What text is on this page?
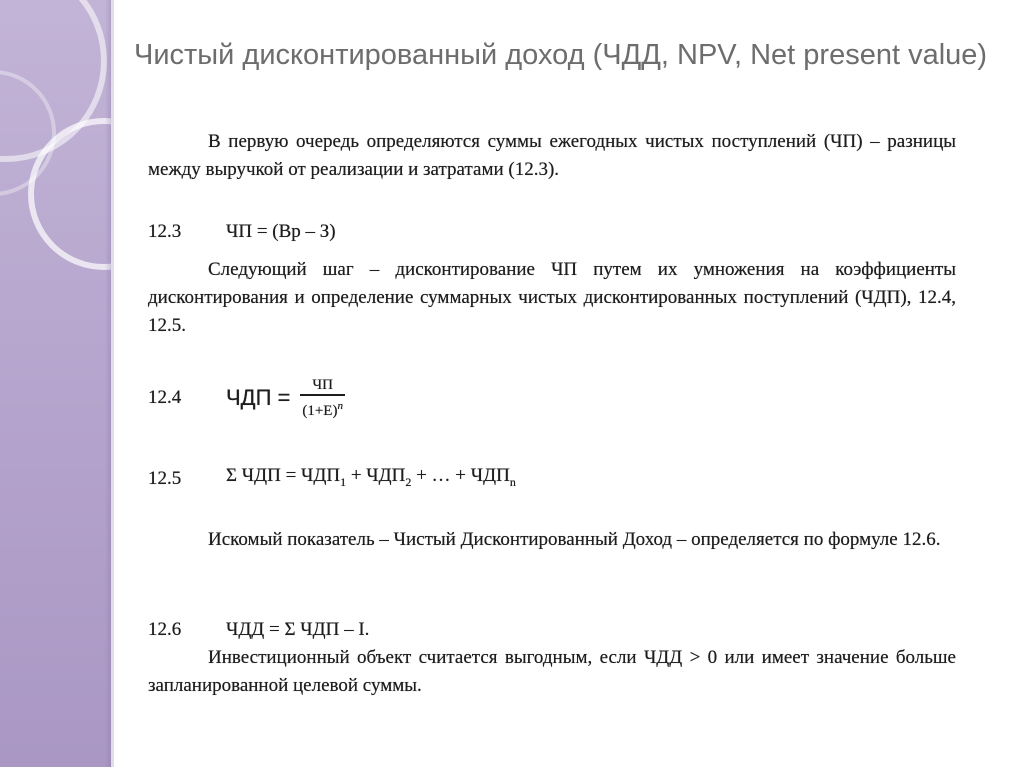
Чистый дисконтированный доход (ЧДД, NPV, Net present value)

В первую очередь определяются суммы ежегодных чистых поступлений (ЧП) – разницы между выручкой от реализации и затратами (12.3).

12.3	ЧП = (Вр – З)

Следующий шаг – дисконтирование ЧП путем их умножения на коэффициенты дисконтирования и определение суммарных чистых дисконтированных поступлений (ЧДП), 12.4, 12.5.

12.4	ЧДП = $\frac{ЧП}{(1+Е)^n}$
12.5	Σ ЧДП = $ЧДП_1 + ЧДП_2$ + … + $ЧДП_n$

Искомый показатель – Чистый Дисконтированный Доход – определяется по формуле 12.6.

12.6	ЧДД = Σ ЧДП – I.

Инвестиционный объект считается выгодным, если ЧДД > 0 или имеет значение больше запланированной целевой суммы.
